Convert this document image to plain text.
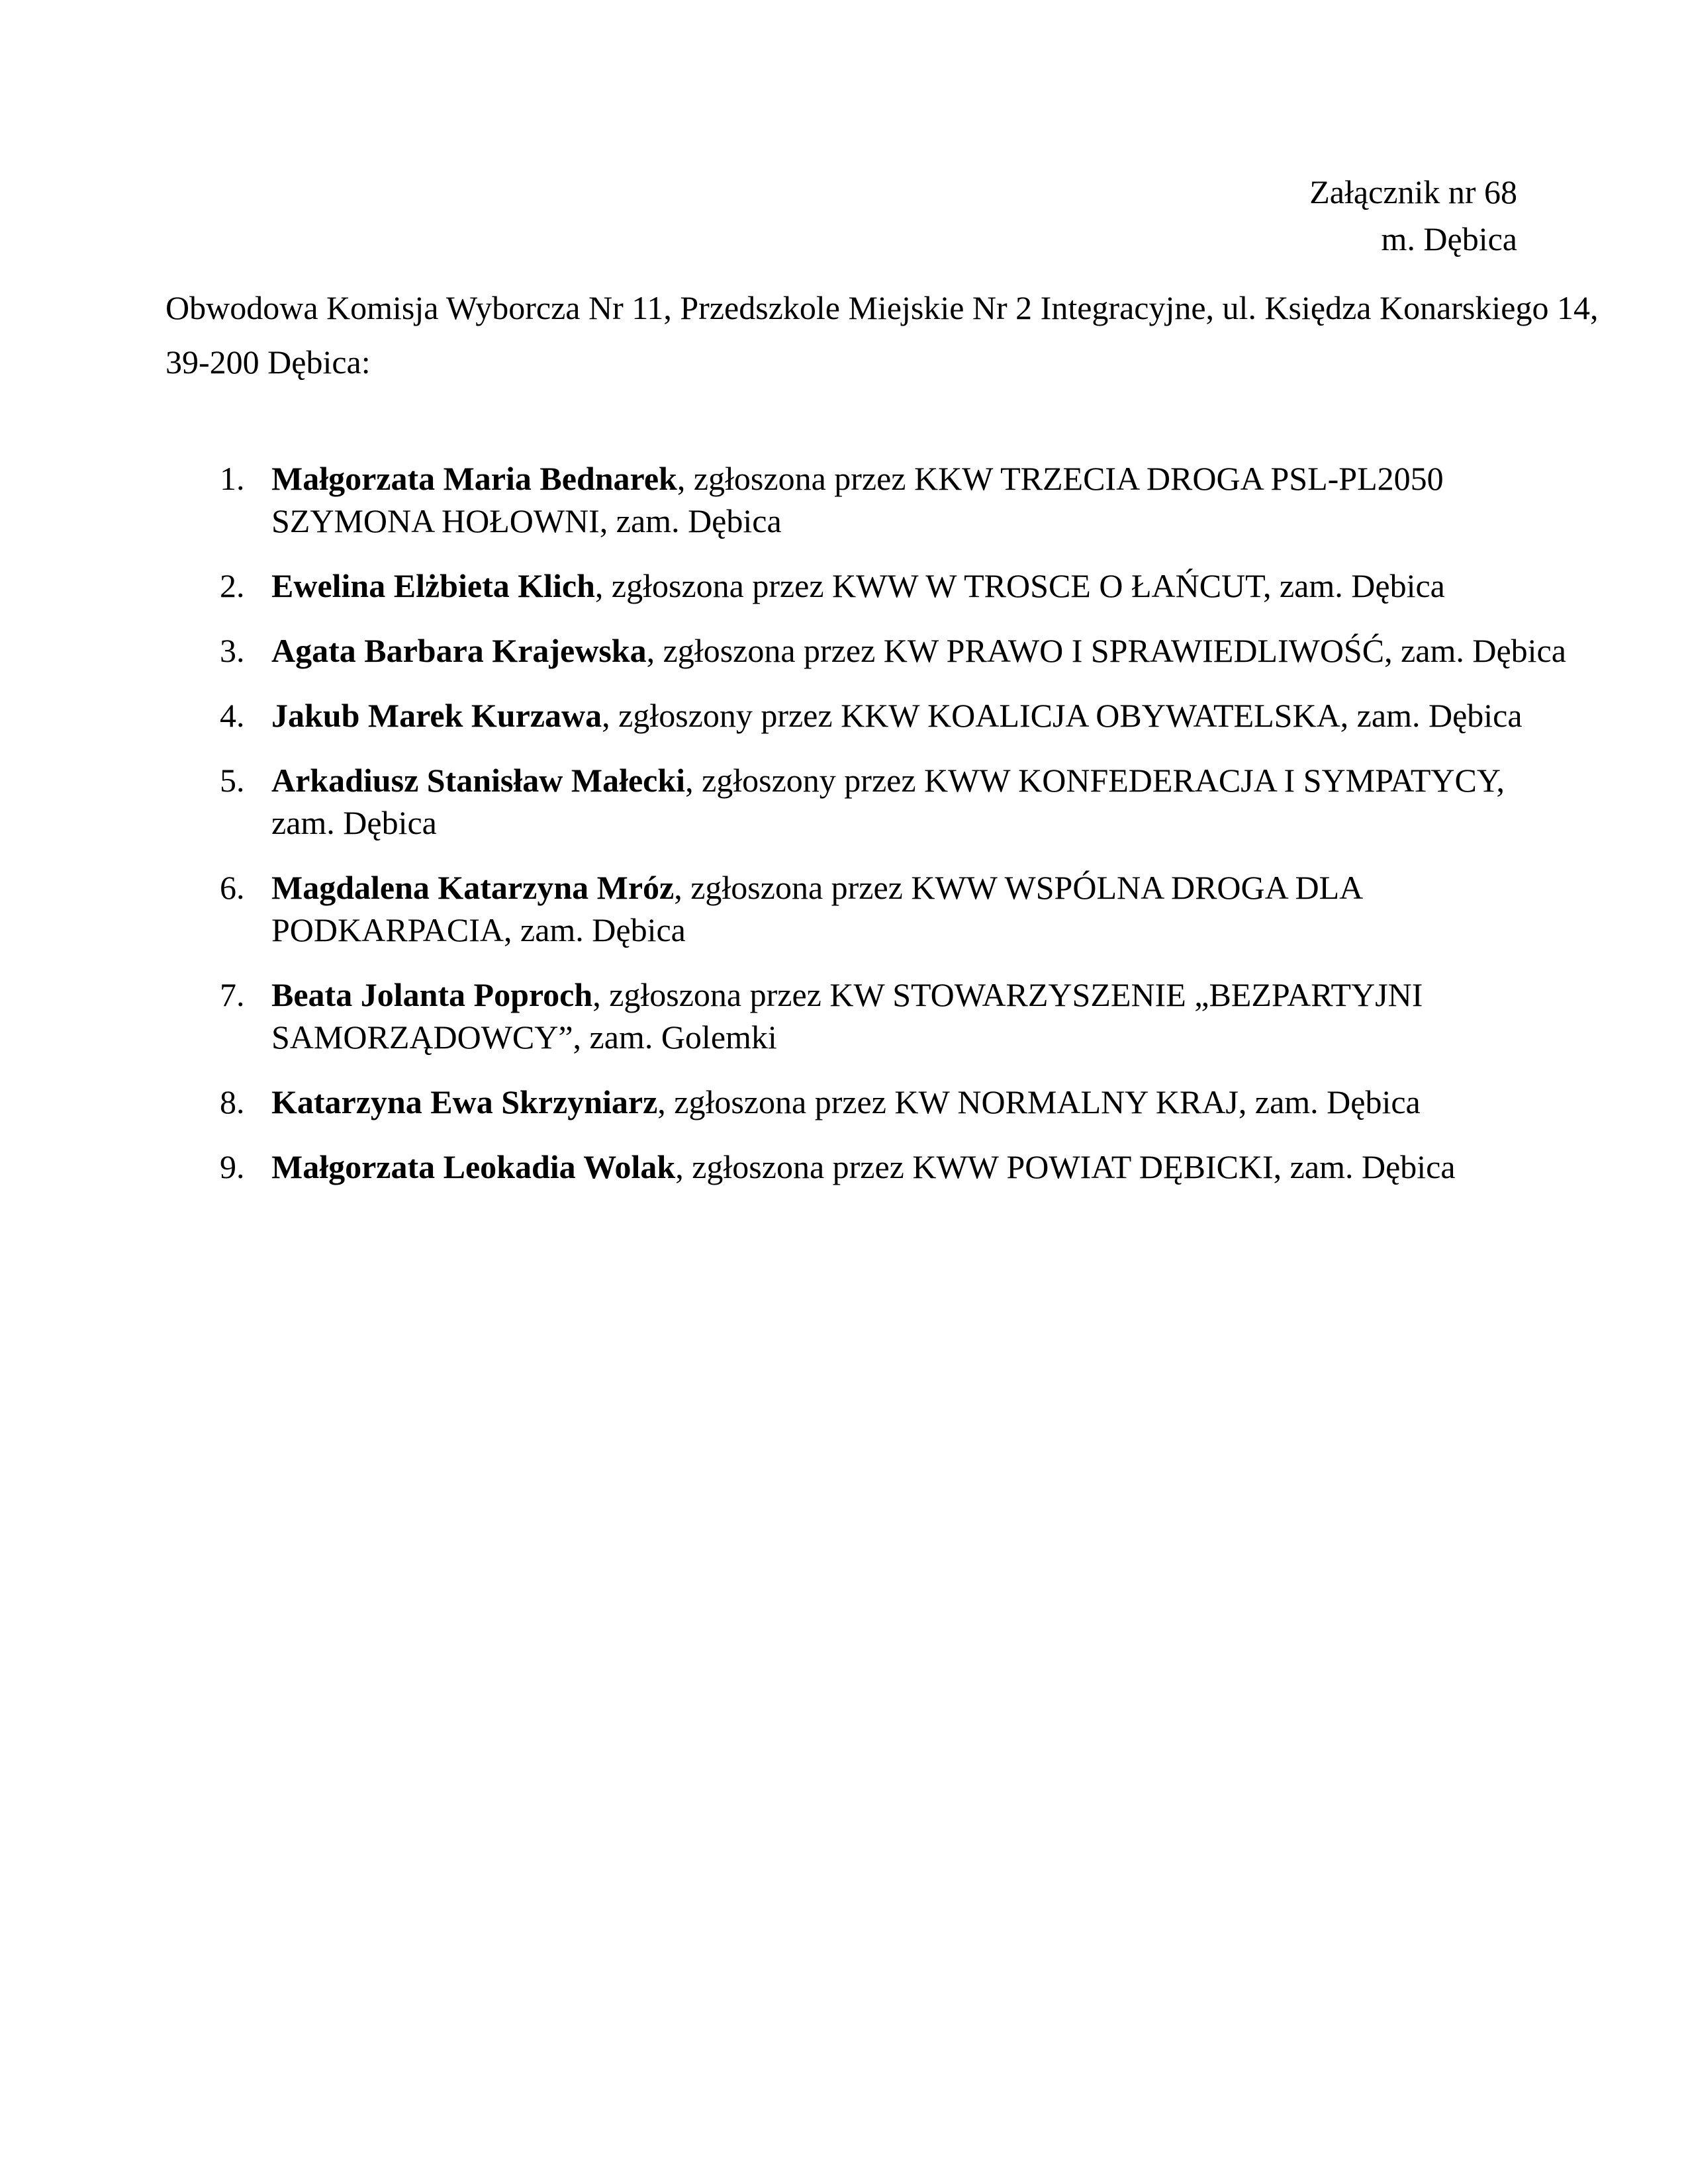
Załącznik nr 68
m. Dębica
Obwodowa Komisja Wyborcza Nr 11, Przedszkole Miejskie Nr 2 Integracyjne, ul. Księdza Konarskiego 14,
39-200 Dębica:
1. Małgorzata Maria Bednarek, zgłoszona przez KKW TRZECIA DROGA PSL-PL2050
SZYMONA HOŁOWNI, zam. Dębica
2. Ewelina Elżbieta Klich, zgłoszona przez KWW W TROSCE O ŁAŃCUT, zam. Dębica
3. Agata Barbara Krajewska, zgłoszona przez KW PRAWO I SPRAWIEDLIWOŚĆ, zam. Dębica
4. Jakub Marek Kurzawa, zgłoszony przez KKW KOALICJA OBYWATELSKA, zam. Dębica
5. Arkadiusz Stanisław Małecki, zgłoszony przez KWW KONFEDERACJA I SYMPATYCY,
zam. Dębica
6. Magdalena Katarzyna Mróz, zgłoszona przez KWW WSPÓLNA DROGA DLA
PODKARPACIA, zam. Dębica
7. Beata Jolanta Poproch, zgłoszona przez KW STOWARZYSZENIE „BEZPARTYJNI
SAMORZĄDOWCY”, zam. Golemki
8. Katarzyna Ewa Skrzyniarz, zgłoszona przez KW NORMALNY KRAJ, zam. Dębica
9. Małgorzata Leokadia Wolak, zgłoszona przez KWW POWIAT DĘBICKI, zam. Dębica
